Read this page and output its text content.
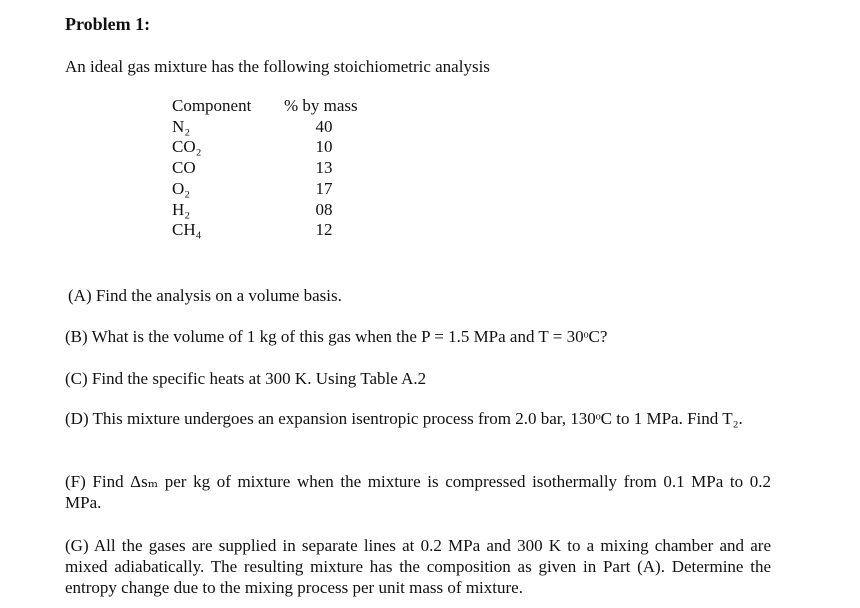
Problem 1:
An ideal gas mixture has the following stoichiometric analysis
Component	% by mass
N₂	40
CO₂	10
CO	13
O₂	17
H₂	08
CH₄	12
(A) Find the analysis on a volume basis.
(B) What is the volume of 1 kg of this gas when the P = 1.5 MPa and T = 30ᵒC?
(C) Find the specific heats at 300 K. Using Table A.2
(D) This mixture undergoes an expansion isentropic process from 2.0 bar, 130ᵒC to 1 MPa. Find T₂.
(F) Find Δsₘ per kg of mixture when the mixture is compressed isothermally from 0.1 MPa to 0.2 MPa.
(G) All the gases are supplied in separate lines at 0.2 MPa and 300 K to a mixing chamber and are mixed adiabatically. The resulting mixture has the composition as given in Part (A). Determine the entropy change due to the mixing process per unit mass of mixture.
